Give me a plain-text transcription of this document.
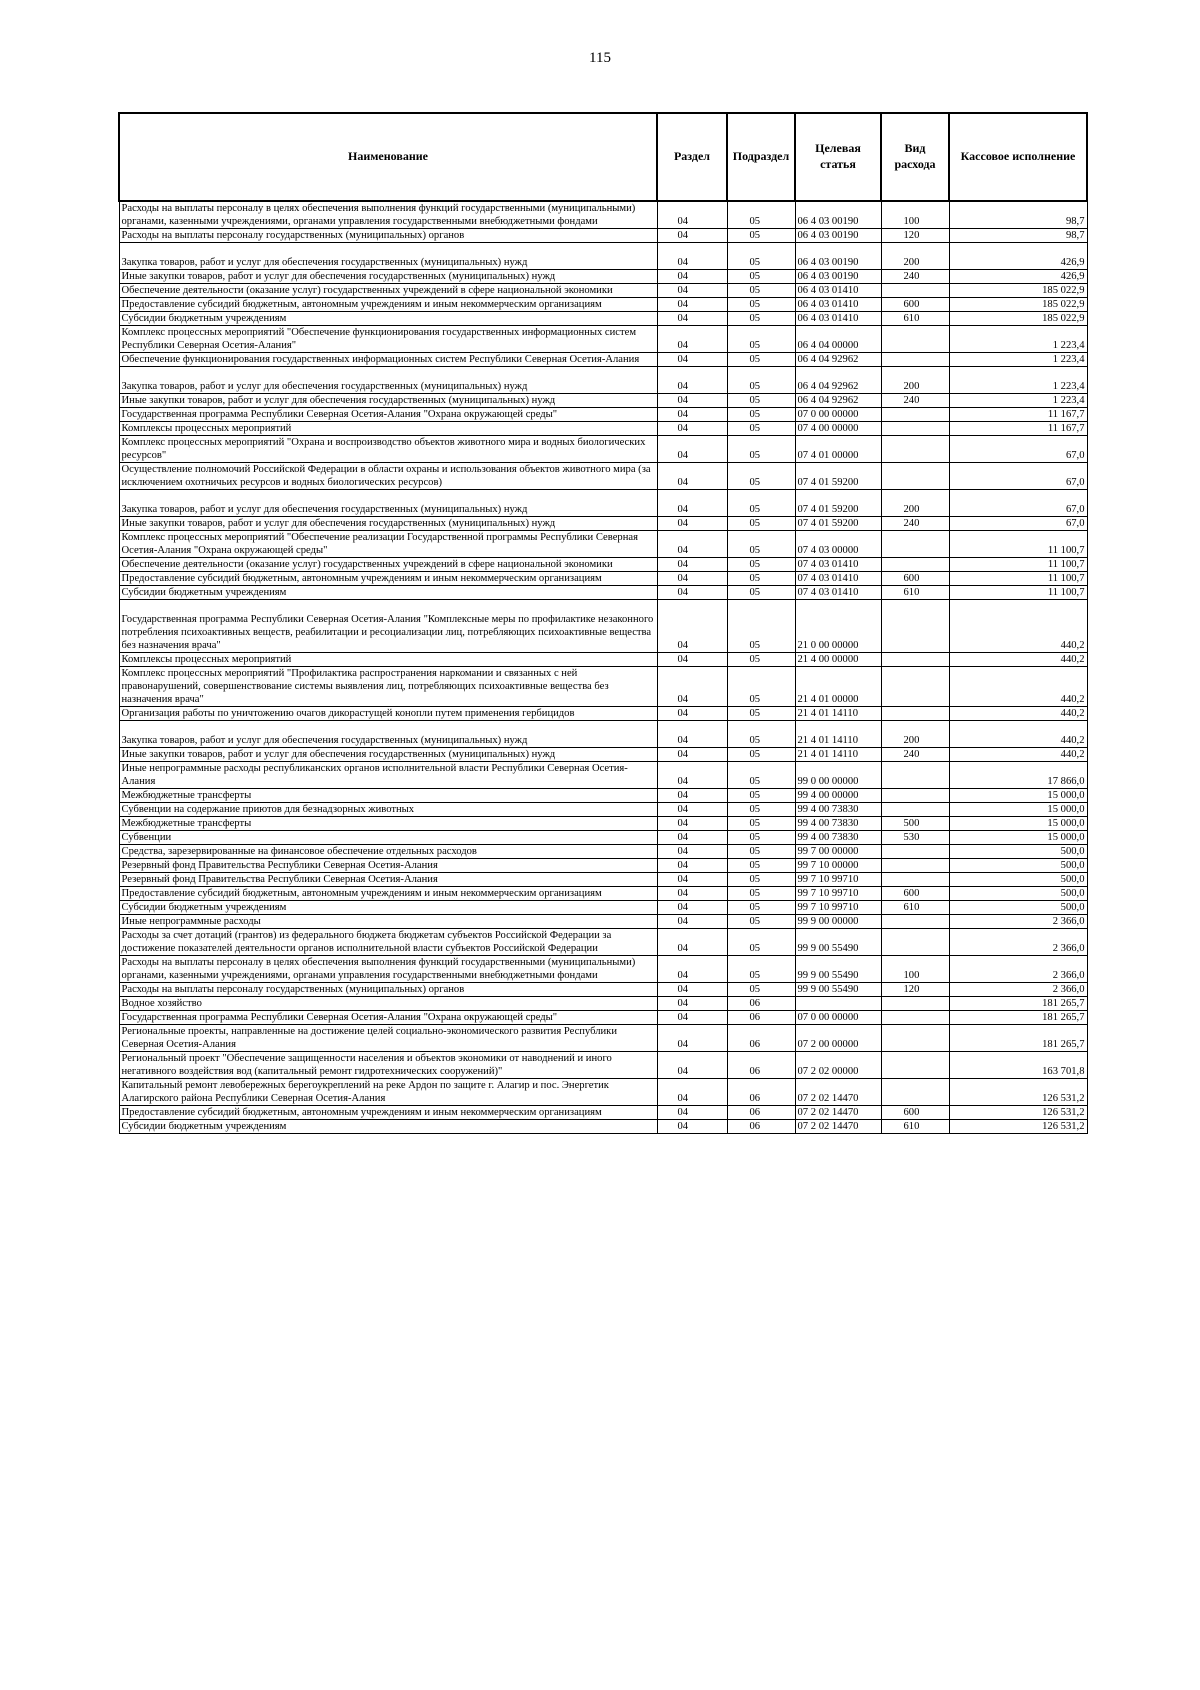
115
Наименование	Раздел	Подраздел	Целевая статья	Вид расхода	Кассовое исполнение
Расходы на выплаты персоналу в целях обеспечения выполнения функций государственными (муниципальными) органами, казенными учреждениями, органами управления государственными внебюджетными фондами	04	05	06 4 03 00190	100	98,7
Расходы на выплаты персоналу государственных (муниципальных) органов	04	05	06 4 03 00190	120	98,7
Закупка товаров, работ и услуг для обеспечения государственных (муниципальных) нужд	04	05	06 4 03 00190	200	426,9
Иные закупки товаров, работ и услуг для обеспечения государственных (муниципальных) нужд	04	05	06 4 03 00190	240	426,9
Обеспечение деятельности (оказание услуг) государственных учреждений в сфере национальной экономики	04	05	06 4 03 01410		185 022,9
Предоставление субсидий бюджетным, автономным учреждениям и иным некоммерческим организациям	04	05	06 4 03 01410	600	185 022,9
Субсидии бюджетным учреждениям	04	05	06 4 03 01410	610	185 022,9
Комплекс процессных мероприятий "Обеспечение функционирования государственных информационных систем Республики Северная Осетия-Алания"	04	05	06 4 04 00000		1 223,4
Обеспечение функционирования государственных информационных систем Республики Северная Осетия-Алания	04	05	06 4 04 92962		1 223,4
Закупка товаров, работ и услуг для обеспечения государственных (муниципальных) нужд	04	05	06 4 04 92962	200	1 223,4
Иные закупки товаров, работ и услуг для обеспечения государственных (муниципальных) нужд	04	05	06 4 04 92962	240	1 223,4
Государственная программа Республики Северная Осетия-Алания "Охрана окружающей среды"	04	05	07 0 00 00000		11 167,7
Комплексы процессных мероприятий	04	05	07 4 00 00000		11 167,7
Комплекс процессных мероприятий "Охрана и воспроизводство объектов животного мира и водных биологических ресурсов"	04	05	07 4 01 00000		67,0
Осуществление полномочий Российской Федерации в области охраны и использования объектов животного мира (за исключением охотничьих ресурсов и водных биологических ресурсов)	04	05	07 4 01 59200		67,0
Закупка товаров, работ и услуг для обеспечения государственных (муниципальных) нужд	04	05	07 4 01 59200	200	67,0
Иные закупки товаров, работ и услуг для обеспечения государственных (муниципальных) нужд	04	05	07 4 01 59200	240	67,0
Комплекс процессных мероприятий "Обеспечение реализации Государственной программы Республики Северная Осетия-Алания "Охрана окружающей среды"	04	05	07 4 03 00000		11 100,7
Обеспечение деятельности (оказание услуг) государственных учреждений в сфере национальной экономики	04	05	07 4 03 01410		11 100,7
Предоставление субсидий бюджетным, автономным учреждениям и иным некоммерческим организациям	04	05	07 4 03 01410	600	11 100,7
Субсидии бюджетным учреждениям	04	05	07 4 03 01410	610	11 100,7
Государственная программа Республики Северная Осетия-Алания "Комплексные меры по профилактике незаконного потребления психоактивных веществ, реабилитации и ресоциализации лиц, потребляющих психоактивные вещества без назначения врача"	04	05	21 0 00 00000		440,2
Комплексы процессных мероприятий	04	05	21 4 00 00000		440,2
Комплекс процессных мероприятий "Профилактика распространения наркомании и связанных с ней правонарушений, совершенствование системы выявления лиц, потребляющих психоактивные вещества без назначения врача"	04	05	21 4 01 00000		440,2
Организация работы по уничтожению очагов дикорастущей конопли путем применения гербицидов	04	05	21 4 01 14110		440,2
Закупка товаров, работ и услуг для обеспечения государственных (муниципальных) нужд	04	05	21 4 01 14110	200	440,2
Иные закупки товаров, работ и услуг для обеспечения государственных (муниципальных) нужд	04	05	21 4 01 14110	240	440,2
Иные непрограммные расходы республиканских органов исполнительной власти Республики Северная Осетия-Алания	04	05	99 0 00 00000		17 866,0
Межбюджетные трансферты	04	05	99 4 00 00000		15 000,0
Субвенции на содержание приютов для безнадзорных животных	04	05	99 4 00 73830		15 000,0
Межбюджетные трансферты	04	05	99 4 00 73830	500	15 000,0
Субвенции	04	05	99 4 00 73830	530	15 000,0
Средства, зарезервированные на финансовое обеспечение отдельных расходов	04	05	99 7 00 00000		500,0
Резервный фонд Правительства Республики Северная Осетия-Алания	04	05	99 7 10 00000		500,0
Резервный фонд Правительства Республики Северная Осетия-Алания	04	05	99 7 10 99710		500,0
Предоставление субсидий бюджетным, автономным учреждениям и иным некоммерческим организациям	04	05	99 7 10 99710	600	500,0
Субсидии бюджетным учреждениям	04	05	99 7 10 99710	610	500,0
Иные непрограммные расходы	04	05	99 9 00 00000		2 366,0
Расходы за счет дотаций (грантов) из федерального бюджета бюджетам субъектов Российской Федерации за достижение показателей деятельности органов исполнительной власти субъектов Российской Федерации	04	05	99 9 00 55490		2 366,0
Расходы на выплаты персоналу в целях обеспечения выполнения функций государственными (муниципальными) органами, казенными учреждениями, органами управления государственными внебюджетными фондами	04	05	99 9 00 55490	100	2 366,0
Расходы на выплаты персоналу государственных (муниципальных) органов	04	05	99 9 00 55490	120	2 366,0
Водное хозяйство	04	06			181 265,7
Государственная программа Республики Северная Осетия-Алания "Охрана окружающей среды"	04	06	07 0 00 00000		181 265,7
Региональные проекты, направленные на достижение целей социально-экономического развития Республики Северная Осетия-Алания	04	06	07 2 00 00000		181 265,7
Региональный проект "Обеспечение защищенности населения и объектов экономики от наводнений и иного негативного воздействия вод (капитальный ремонт гидротехнических сооружений)"	04	06	07 2 02 00000		163 701,8
Капитальный ремонт левобережных берегоукреплений на реке Ардон по защите г. Алагир и пос. Энергетик Алагирского района Республики Северная Осетия-Алания	04	06	07 2 02 14470		126 531,2
Предоставление субсидий бюджетным, автономным учреждениям и иным некоммерческим организациям	04	06	07 2 02 14470	600	126 531,2
Субсидии бюджетным учреждениям	04	06	07 2 02 14470	610	126 531,2
